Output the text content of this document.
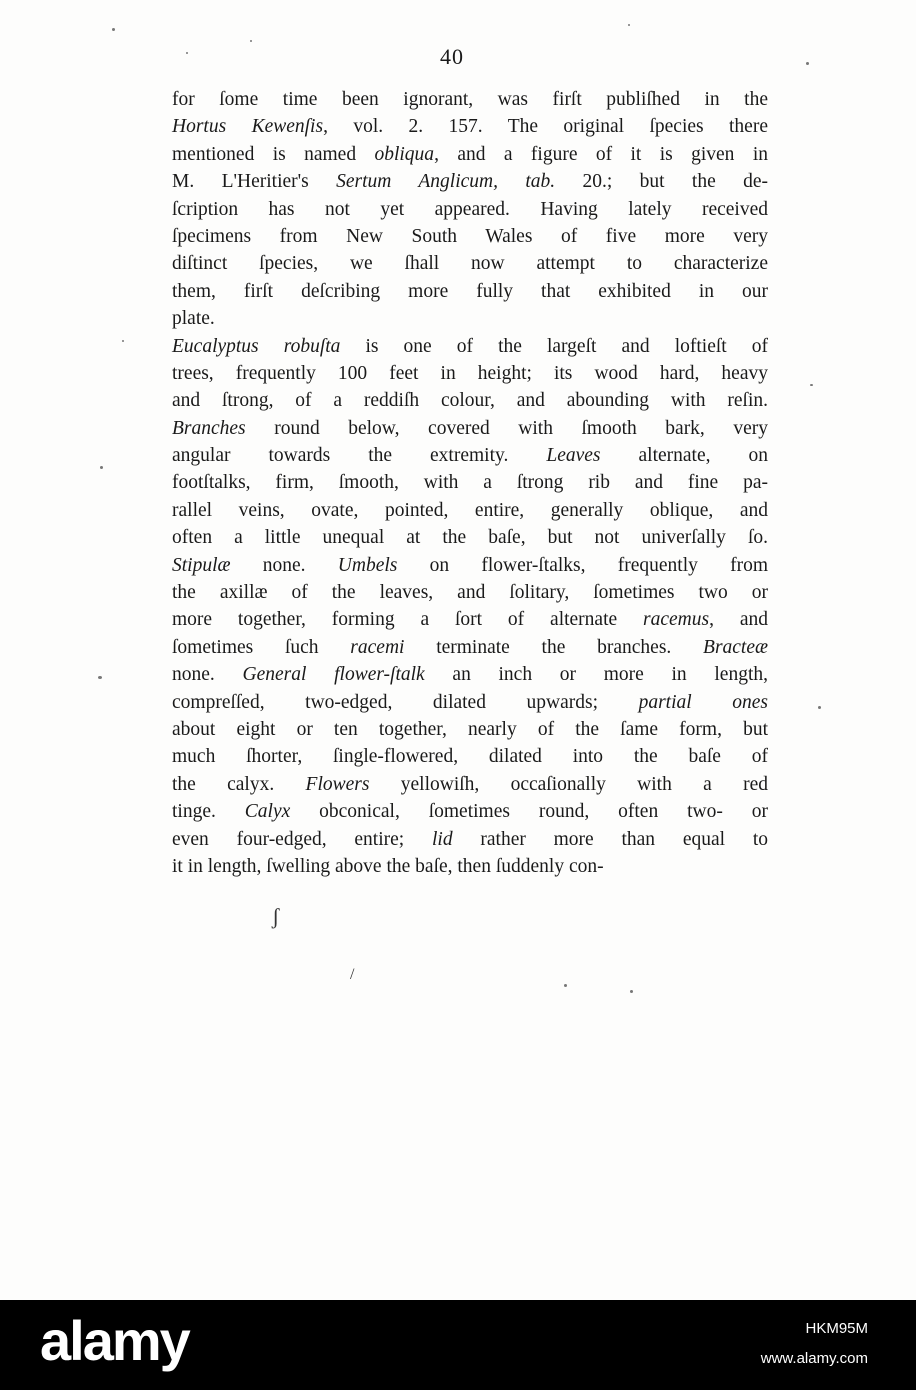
40
for ſome time been ignorant, was firſt publiſhed in the
Hortus Kewenſis, vol. 2. 157. The original ſpecies there
mentioned is named obliqua, and a figure of it is given in
M. L'Heritier's Sertum Anglicum, tab. 20.; but the de-
ſcription has not yet appeared. Having lately received
ſpecimens from New South Wales of five more very
diſtinct ſpecies, we ſhall now attempt to characterize
them, firſt deſcribing more fully that exhibited in our
plate.
Eucalyptus robuſta is one of the largeſt and loftieſt of
trees, frequently 100 feet in height; its wood hard, heavy
and ſtrong, of a reddiſh colour, and abounding with reſin.
Branches round below, covered with ſmooth bark, very
angular towards the extremity. Leaves alternate, on
footſtalks, firm, ſmooth, with a ſtrong rib and fine pa-
rallel veins, ovate, pointed, entire, generally oblique, and
often a little unequal at the baſe, but not univerſally ſo.
Stipulæ none. Umbels on flower-ſtalks, frequently from
the axillæ of the leaves, and ſolitary, ſometimes two or
more together, forming a ſort of alternate racemus, and
ſometimes ſuch racemi terminate the branches. Bracteæ
none. General flower-ſtalk an inch or more in length,
compreſſed, two-edged, dilated upwards; partial ones
about eight or ten together, nearly of the ſame form, but
much ſhorter, ſingle-flowered, dilated into the baſe of
the calyx. Flowers yellowiſh, occaſionally with a red
tinge. Calyx obconical, ſometimes round, often two- or
even four-edged, entire; lid rather more than equal to
it in length, ſwelling above the baſe, then ſuddenly con-
ʃ
/
alamy	HKM95M
www.alamy.com
